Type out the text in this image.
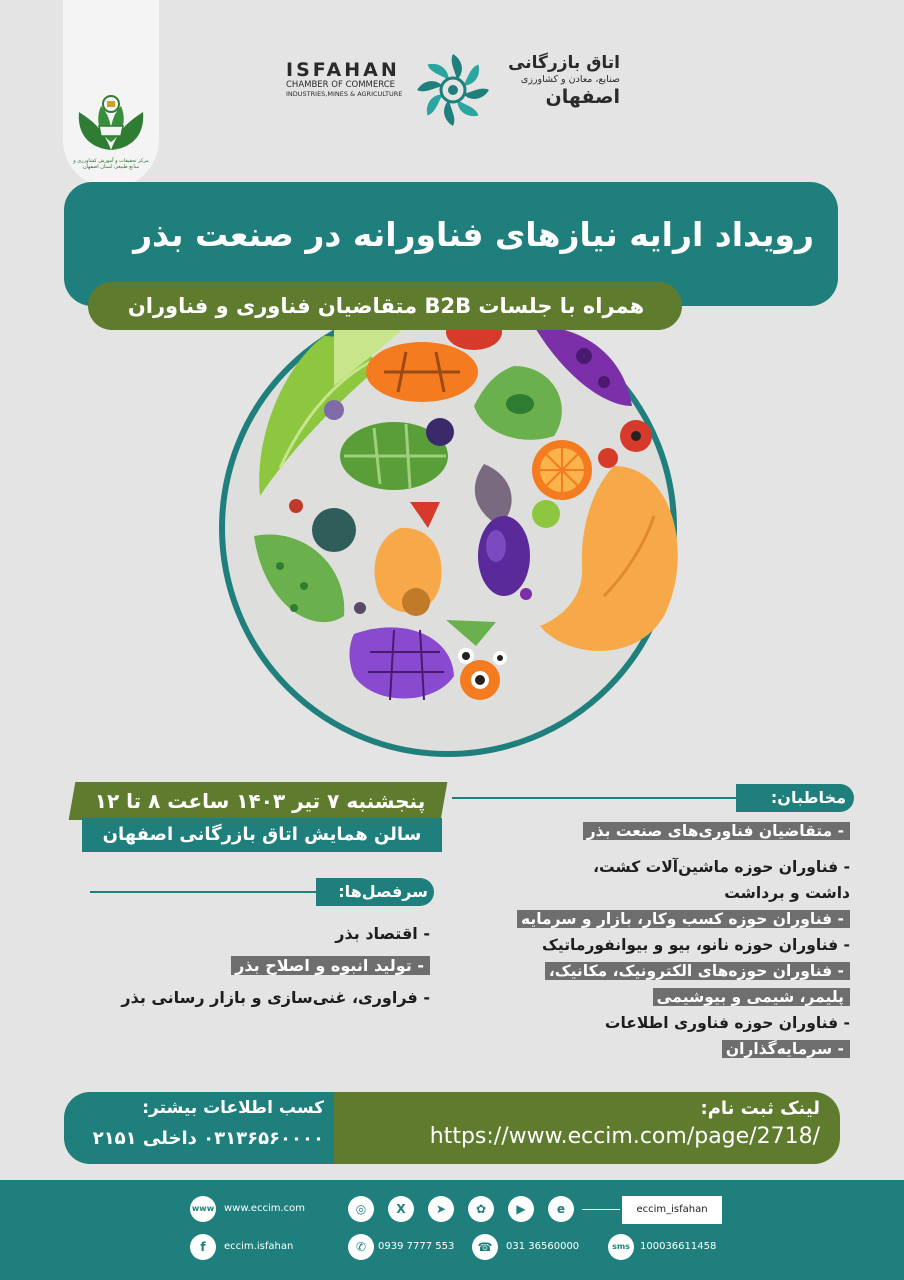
مرکز تحقیقات و آموزش کشاورزی و منابع طبیعی استان اصفهان
ISFAHAN
CHAMBER OF COMMERCE
INDUSTRIES,MINES & AGRICULTURE
اتاق بازرگانی
صنایع، معادن و کشاورزی
اصفهان
رویداد ارایه نیازهای فناورانه در صنعت بذر
همراه با جلسات B2B متقاضیان فناوری و فناوران
پنجشنبه ۷ تیر ۱۴۰۳ ساعت ۸ تا ۱۲
سالن همایش اتاق بازرگانی اصفهان
مخاطبان:
- متقاضیان فناوری‌های صنعت بذر
- فناوران حوزه ماشین‌آلات کشت،
داشت و برداشت
- فناوران حوزه کسب وکار، بازار و سرمایه
- فناوران حوزه نانو، بیو و بیوانفورماتیک
- فناوران حوزه‌های الکترونیک، مکانیک،
پلیمر، شیمی و بیوشیمی
- فناوران حوزه فناوری اطلاعات
- سرمایه‌گذاران
سرفصل‌ها:
- اقتصاد بذر
- تولید انبوه و اصلاح بذر
- فراوری، غنی‌سازی و بازار رسانی بذر
کسب اطلاعات بیشتر:
۰۳۱۳۶۵۶۰۰۰۰ داخلی ۲۱۵۱
لینک ثبت نام:
https://www.eccim.com/page/2718/
www www.eccim.com
f	eccim.isfahan
◎	X	➤	✿	▶	e	eccim_isfahan
✆	0939 7777 553	☎	031 36560000	sms	100036611458
